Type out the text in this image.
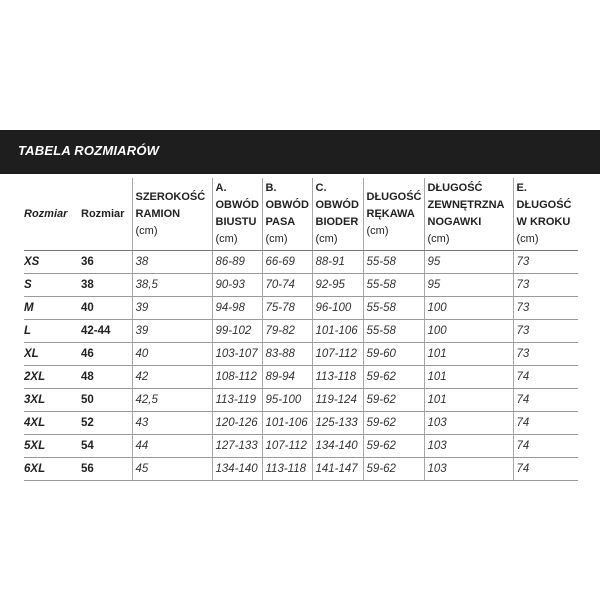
TABELA ROZMIARÓW
Rozmiar	Rozmiar	SZEROKOŚĆ
RAMION
(cm)	A.
OBWÓD
BIUSTU
(cm)	B.
OBWÓD
PASA
(cm)	C.
OBWÓD
BIODER
(cm)	DŁUGOŚĆ
RĘKAWA
(cm)	DŁUGOŚĆ
ZEWNĘTRZNA
NOGAWKI
(cm)	E.
DŁUGOŚĆ
W KROKU
(cm)

XS	36	38	86-89	66-69	88-91	55-58	95	73
S	38	38,5	90-93	70-74	92-95	55-58	95	73
M	40	39	94-98	75-78	96-100	55-58	100	73
L	42-44	39	99-102	79-82	101-106	55-58	100	73
XL	46	40	103-107	83-88	107-112	59-60	101	73
2XL	48	42	108-112	89-94	113-118	59-62	101	74
3XL	50	42,5	113-119	95-100	119-124	59-62	101	74
4XL	52	43	120-126	101-106	125-133	59-62	103	74
5XL	54	44	127-133	107-112	134-140	59-62	103	74
6XL	56	45	134-140	113-118	141-147	59-62	103	74
